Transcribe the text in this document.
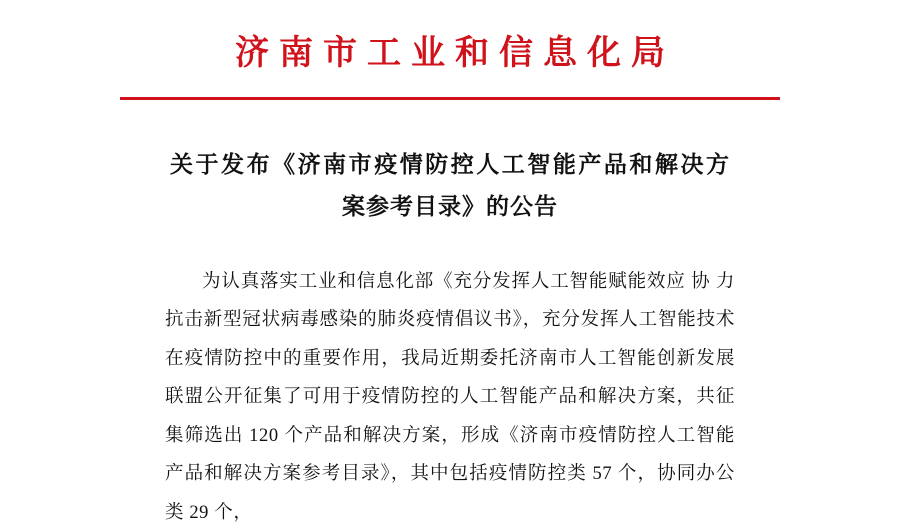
济南市工业和信息化局
关于发布《济南市疫情防控人工智能产品和解决方
案参考目录》的公告

为认真落实工业和信息化部《充分发挥人工智能赋能效应 协 力抗击新型冠状病毒感染的肺炎疫情倡议书》，充分发挥人工智能技术在疫情防控中的重要作用，我局近期委托济南市人工智能创新发展联盟公开征集了可用于疫情防控的人工智能产品和解决方案，共征集筛选出 120 个产品和解决方案，形成《济南市疫情防控人工智能产品和解决方案参考目录》，其中包括疫情防控类 57 个，协同办公类 29 个，
